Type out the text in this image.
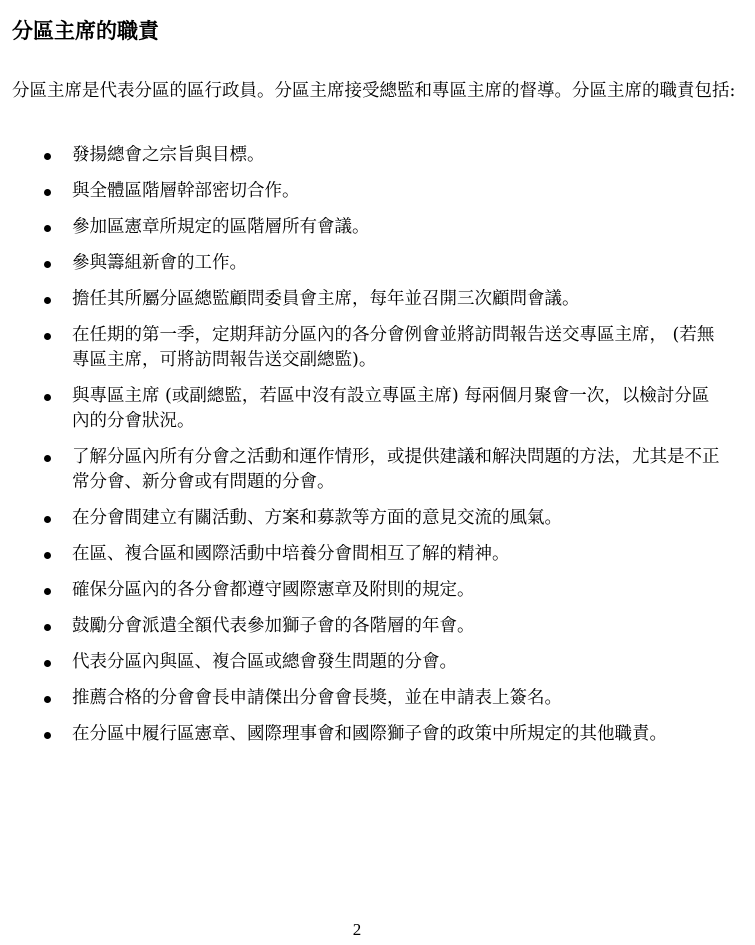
分區主席的職責

分區主席是代表分區的區行政員。分區主席接受總監和專區主席的督導。分區主席的職責包括:

發揚總會之宗旨與目標。
與全體區階層幹部密切合作。
參加區憲章所規定的區階層所有會議。
參與籌組新會的工作。
擔任其所屬分區總監顧問委員會主席，每年並召開三次顧問會議。
在任期的第一季，定期拜訪分區內的各分會例會並將訪問報告送交專區主席， (若無專區主席，可將訪問報告送交副總監)。
與專區主席 (或副總監，若區中沒有設立專區主席) 每兩個月聚會一次，以檢討分區內的分會狀況。
了解分區內所有分會之活動和運作情形，或提供建議和解決問題的方法，尤其是不正常分會、新分會或有問題的分會。
在分會間建立有關活動、方案和募款等方面的意見交流的風氣。
在區、複合區和國際活動中培養分會間相互了解的精神。
確保分區內的各分會都遵守國際憲章及附則的規定。
鼓勵分會派遣全額代表參加獅子會的各階層的年會。
代表分區內與區、複合區或總會發生問題的分會。
推薦合格的分會會長申請傑出分會會長獎，並在申請表上簽名。
在分區中履行區憲章、國際理事會和國際獅子會的政策中所規定的其他職責。

2
